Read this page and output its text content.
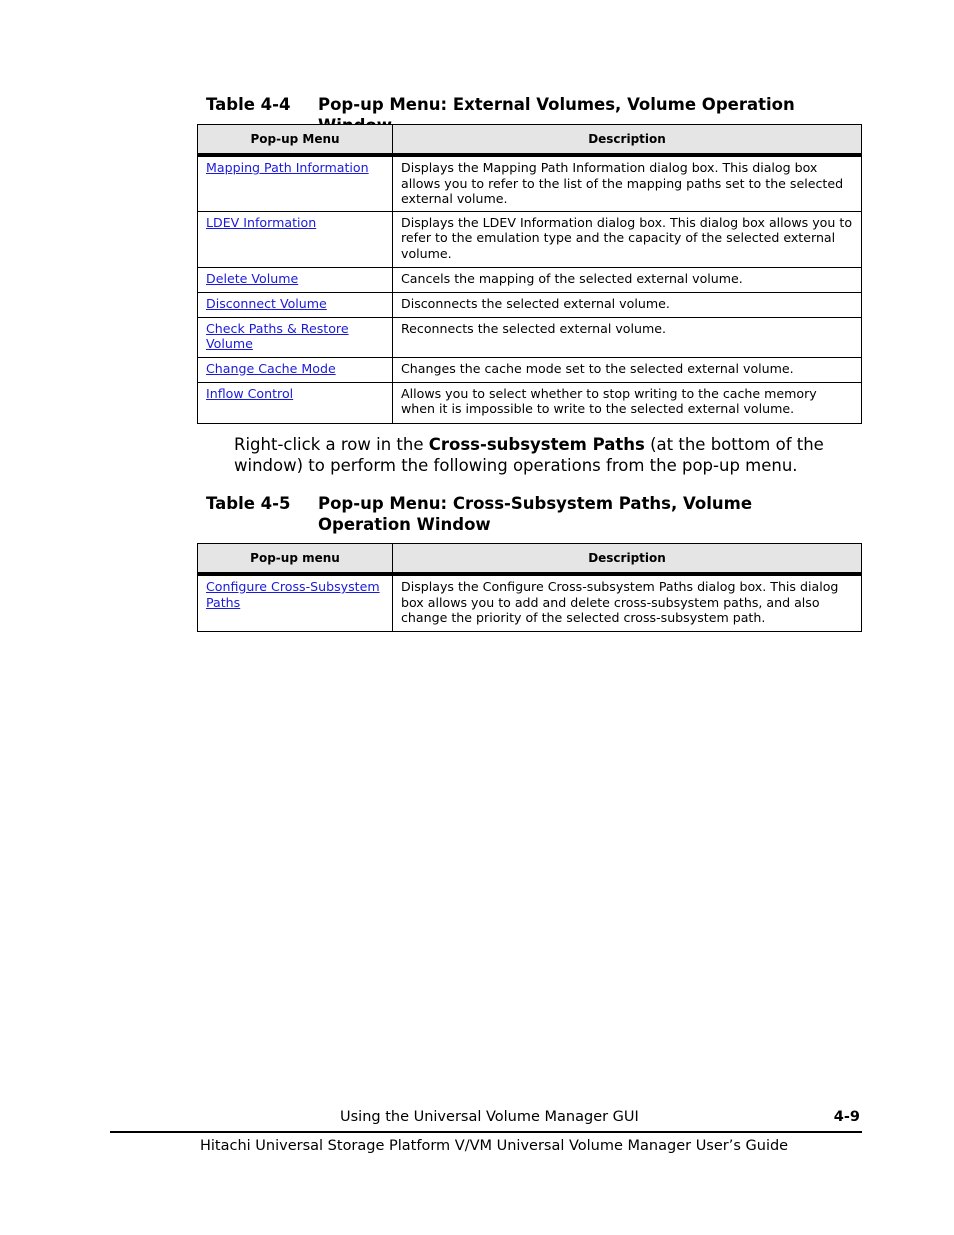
Table 4-4 Pop-up Menu: External Volumes, Volume Operation
Pop-up Menu	Description
Mapping Path Information	Displays the Mapping Path Information dialog box. This dialog box allows you to refer to the list of the mapping paths set to the selected external volume.
LDEV Information	Displays the LDEV Information dialog box. This dialog box allows you to refer to the emulation type and the capacity of the selected external volume.
Delete Volume	Cancels the mapping of the selected external volume.
Disconnect Volume	Disconnects the selected external volume.
Check Paths & Restore Volume	Reconnects the selected external volume.
Change Cache Mode	Changes the cache mode set to the selected external volume.
Inflow Control	Allows you to select whether to stop writing to the cache memory when it is impossible to write to the selected external volume.
Right-click a row in the Cross-subsystem Paths (at the bottom of the window) to perform the following operations from the pop-up menu.
Table 4-5 Pop-up Menu: Cross-Subsystem Paths, Volume Operation Window
Pop-up menu	Description
Configure Cross-Subsystem Paths	Displays the Configure Cross-subsystem Paths dialog box. This dialog box allows you to add and delete cross-subsystem paths, and also change the priority of the selected cross-subsystem path.
Using the Universal Volume Manager GUI	4-9
Hitachi Universal Storage Platform V/VM Universal Volume Manager User’s Guide
